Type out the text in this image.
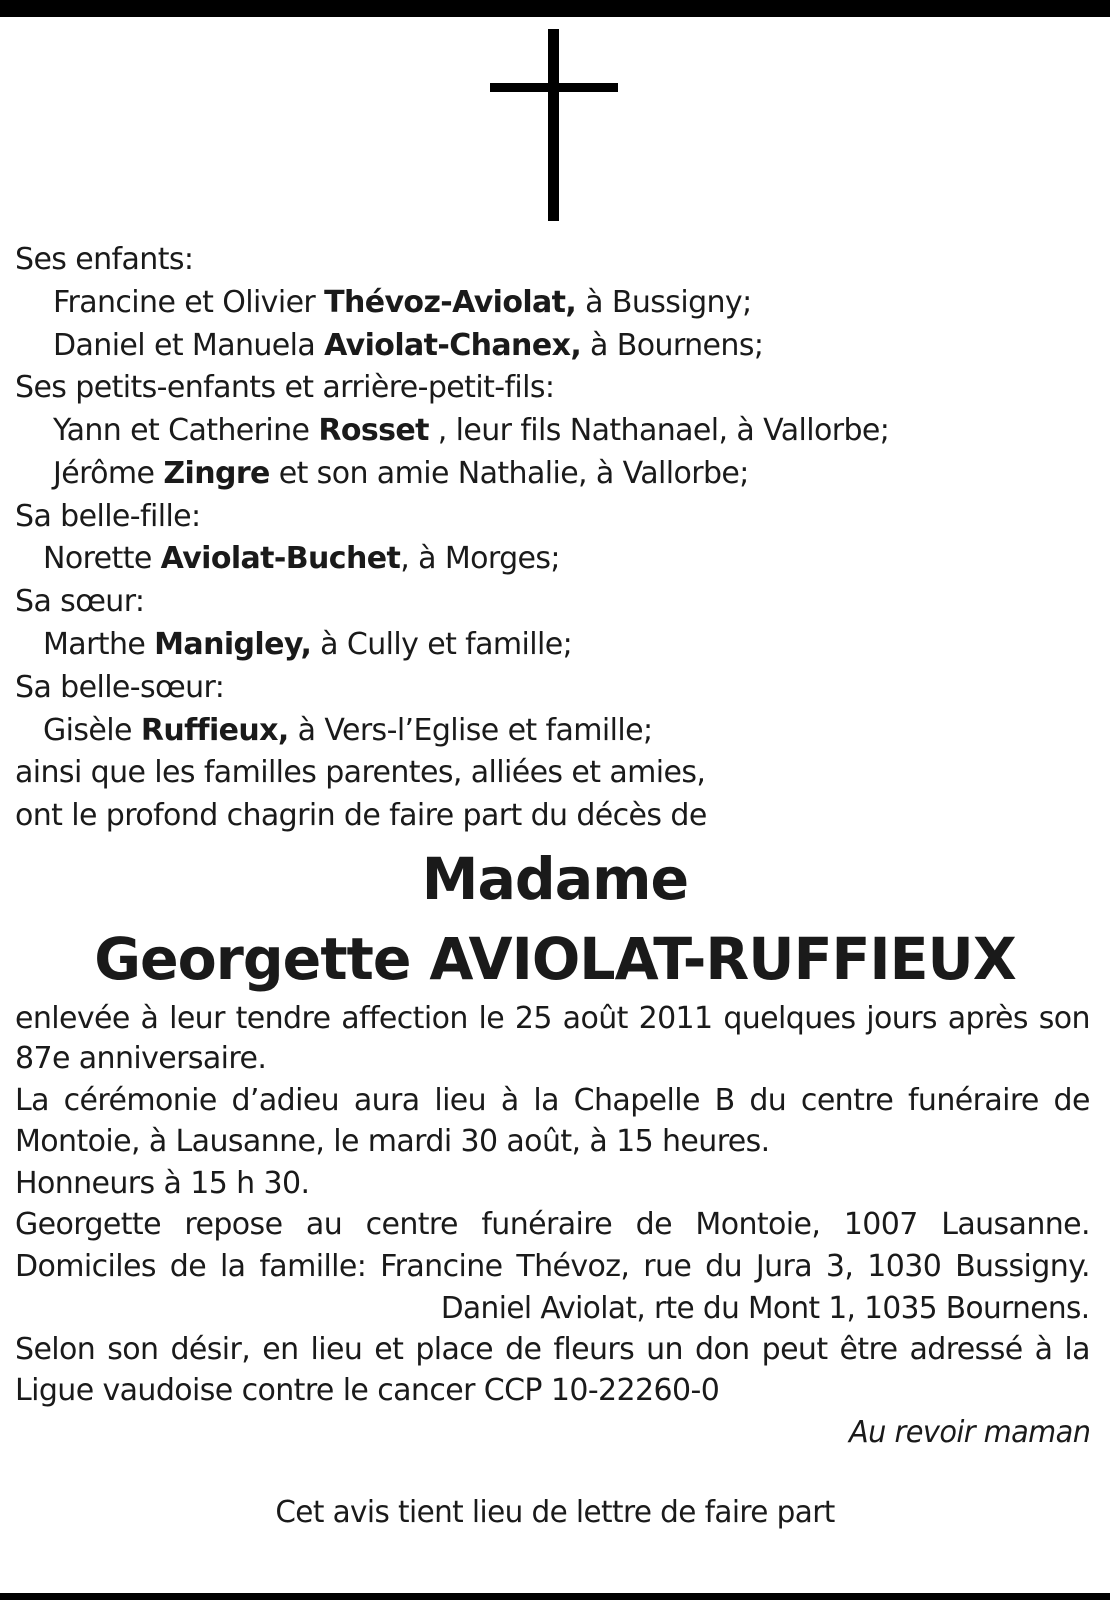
Ses enfants:
Francine et Olivier Thévoz-Aviolat, à Bussigny;
Daniel et Manuela Aviolat-Chanex, à Bournens;
Ses petits-enfants et arrière-petit-fils:
Yann et Catherine Rosset , leur fils Nathanael, à Vallorbe;
Jérôme Zingre et son amie Nathalie, à Vallorbe;
Sa belle-fille:
Norette Aviolat-Buchet, à Morges;
Sa sœur:
Marthe Manigley, à Cully et famille;
Sa belle-sœur:
Gisèle Ruffieux, à Vers-l’Eglise et famille;
ainsi que les familles parentes, alliées et amies,
ont le profond chagrin de faire part du décès de
Madame
Georgette AVIOLAT-RUFFIEUX
enlevée à leur tendre affection le 25 août 2011 quelques jours après son
87e anniversaire.
La cérémonie d’adieu aura lieu à la Chapelle B du centre funéraire de
Montoie, à Lausanne, le mardi 30 août, à 15 heures.
Honneurs à 15 h 30.
Georgette repose au centre funéraire de Montoie, 1007 Lausanne.
Domiciles de la famille: Francine Thévoz, rue du Jura 3, 1030 Bussigny.
Daniel Aviolat, rte du Mont 1, 1035 Bournens.
Selon son désir, en lieu et place de fleurs un don peut être adressé à la
Ligue vaudoise contre le cancer CCP 10-22260-0
Au revoir maman
Cet avis tient lieu de lettre de faire part
